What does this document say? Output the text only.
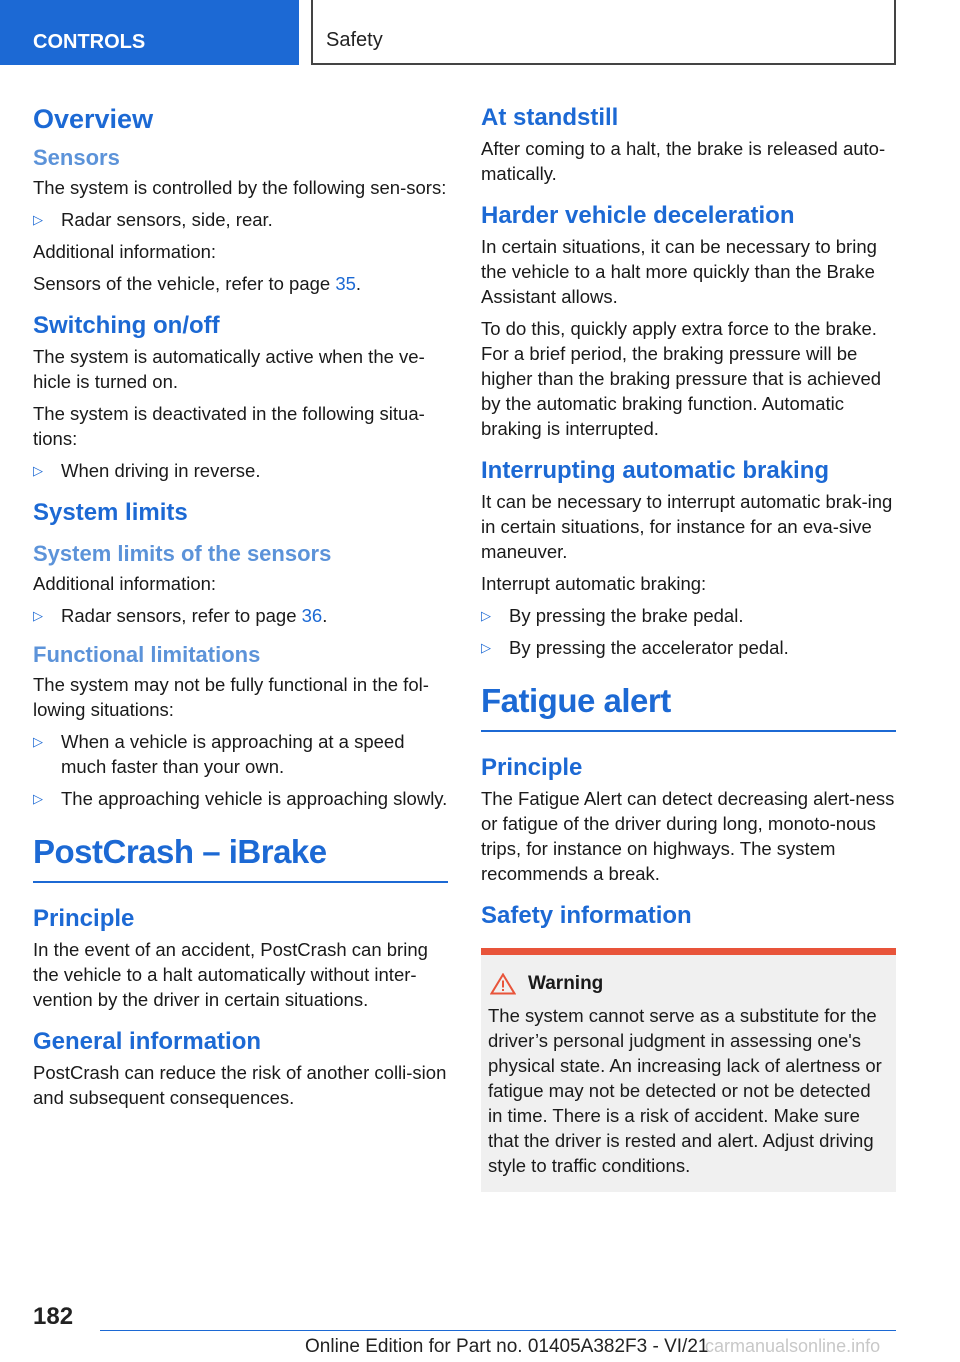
CONTROLS	Safety
Overview
Sensors

The system is controlled by the following sen-sors:

▷ Radar sensors, side, rear.

Additional information:

Sensors of the vehicle, refer to page 35.

Switching on/off

The system is automatically active when the ve-hicle is turned on.

The system is deactivated in the following situa-tions:

▷ When driving in reverse.
System limits
System limits of the sensors

Additional information:

▷ Radar sensors, refer to page 36.
Functional limitations

The system may not be fully functional in the fol-lowing situations:

▷ When a vehicle is approaching at a speed much faster than your own.
▷ The approaching vehicle is approaching slowly.
PostCrash – iBrake
Principle

In the event of an accident, PostCrash can bring the vehicle to a halt automatically without inter-vention by the driver in certain situations.

General information

PostCrash can reduce the risk of another colli-sion and subsequent consequences.

At standstill

After coming to a halt, the brake is released auto-matically.

Harder vehicle deceleration

In certain situations, it can be necessary to bring the vehicle to a halt more quickly than the Brake Assistant allows.

To do this, quickly apply extra force to the brake. For a brief period, the braking pressure will be higher than the braking pressure that is achieved by the automatic braking function. Automatic braking is interrupted.

Interrupting automatic braking

It can be necessary to interrupt automatic brak-ing in certain situations, for instance for an eva-sive maneuver.

Interrupt automatic braking:

▷ By pressing the brake pedal.
▷ By pressing the accelerator pedal.
Fatigue alert
Principle

The Fatigue Alert can detect decreasing alert-ness or fatigue of the driver during long, monoto-nous trips, for instance on highways. The system recommends a break.

Safety information
Warning

The system cannot serve as a substitute for the driver’s personal judgment in assessing one's physical state. An increasing lack of alertness or fatigue may not be detected or not be detected in time. There is a risk of accident. Make sure that the driver is rested and alert. Adjust driving style to traffic conditions.

182
Online Edition for Part no. 01405A382F3 - VI/21
carmanualsonline.info
